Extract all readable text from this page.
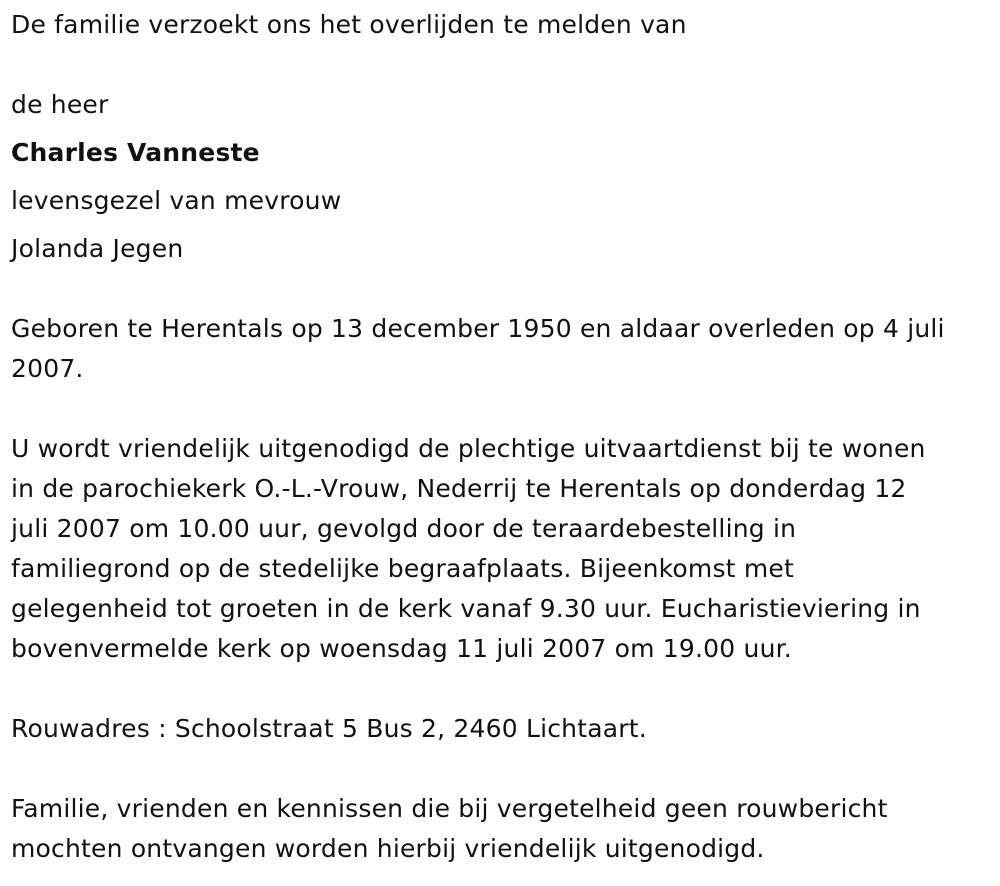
De familie verzoekt ons het overlijden te melden van

de heer

Charles Vanneste

levensgezel van mevrouw

Jolanda Jegen

Geboren te Herentals op 13 december 1950 en aldaar overleden op 4 juli

2007.

U wordt vriendelijk uitgenodigd de plechtige uitvaartdienst bij te wonen

in de parochiekerk O.-L.-Vrouw, Nederrij te Herentals op donderdag 12

juli 2007 om 10.00 uur, gevolgd door de teraardebestelling in

familiegrond op de stedelijke begraafplaats. Bijeenkomst met

gelegenheid tot groeten in de kerk vanaf 9.30 uur. Eucharistieviering in

bovenvermelde kerk op woensdag 11 juli 2007 om 19.00 uur.

Rouwadres : Schoolstraat 5 Bus 2, 2460 Lichtaart.

Familie, vrienden en kennissen die bij vergetelheid geen rouwbericht

mochten ontvangen worden hierbij vriendelijk uitgenodigd.
